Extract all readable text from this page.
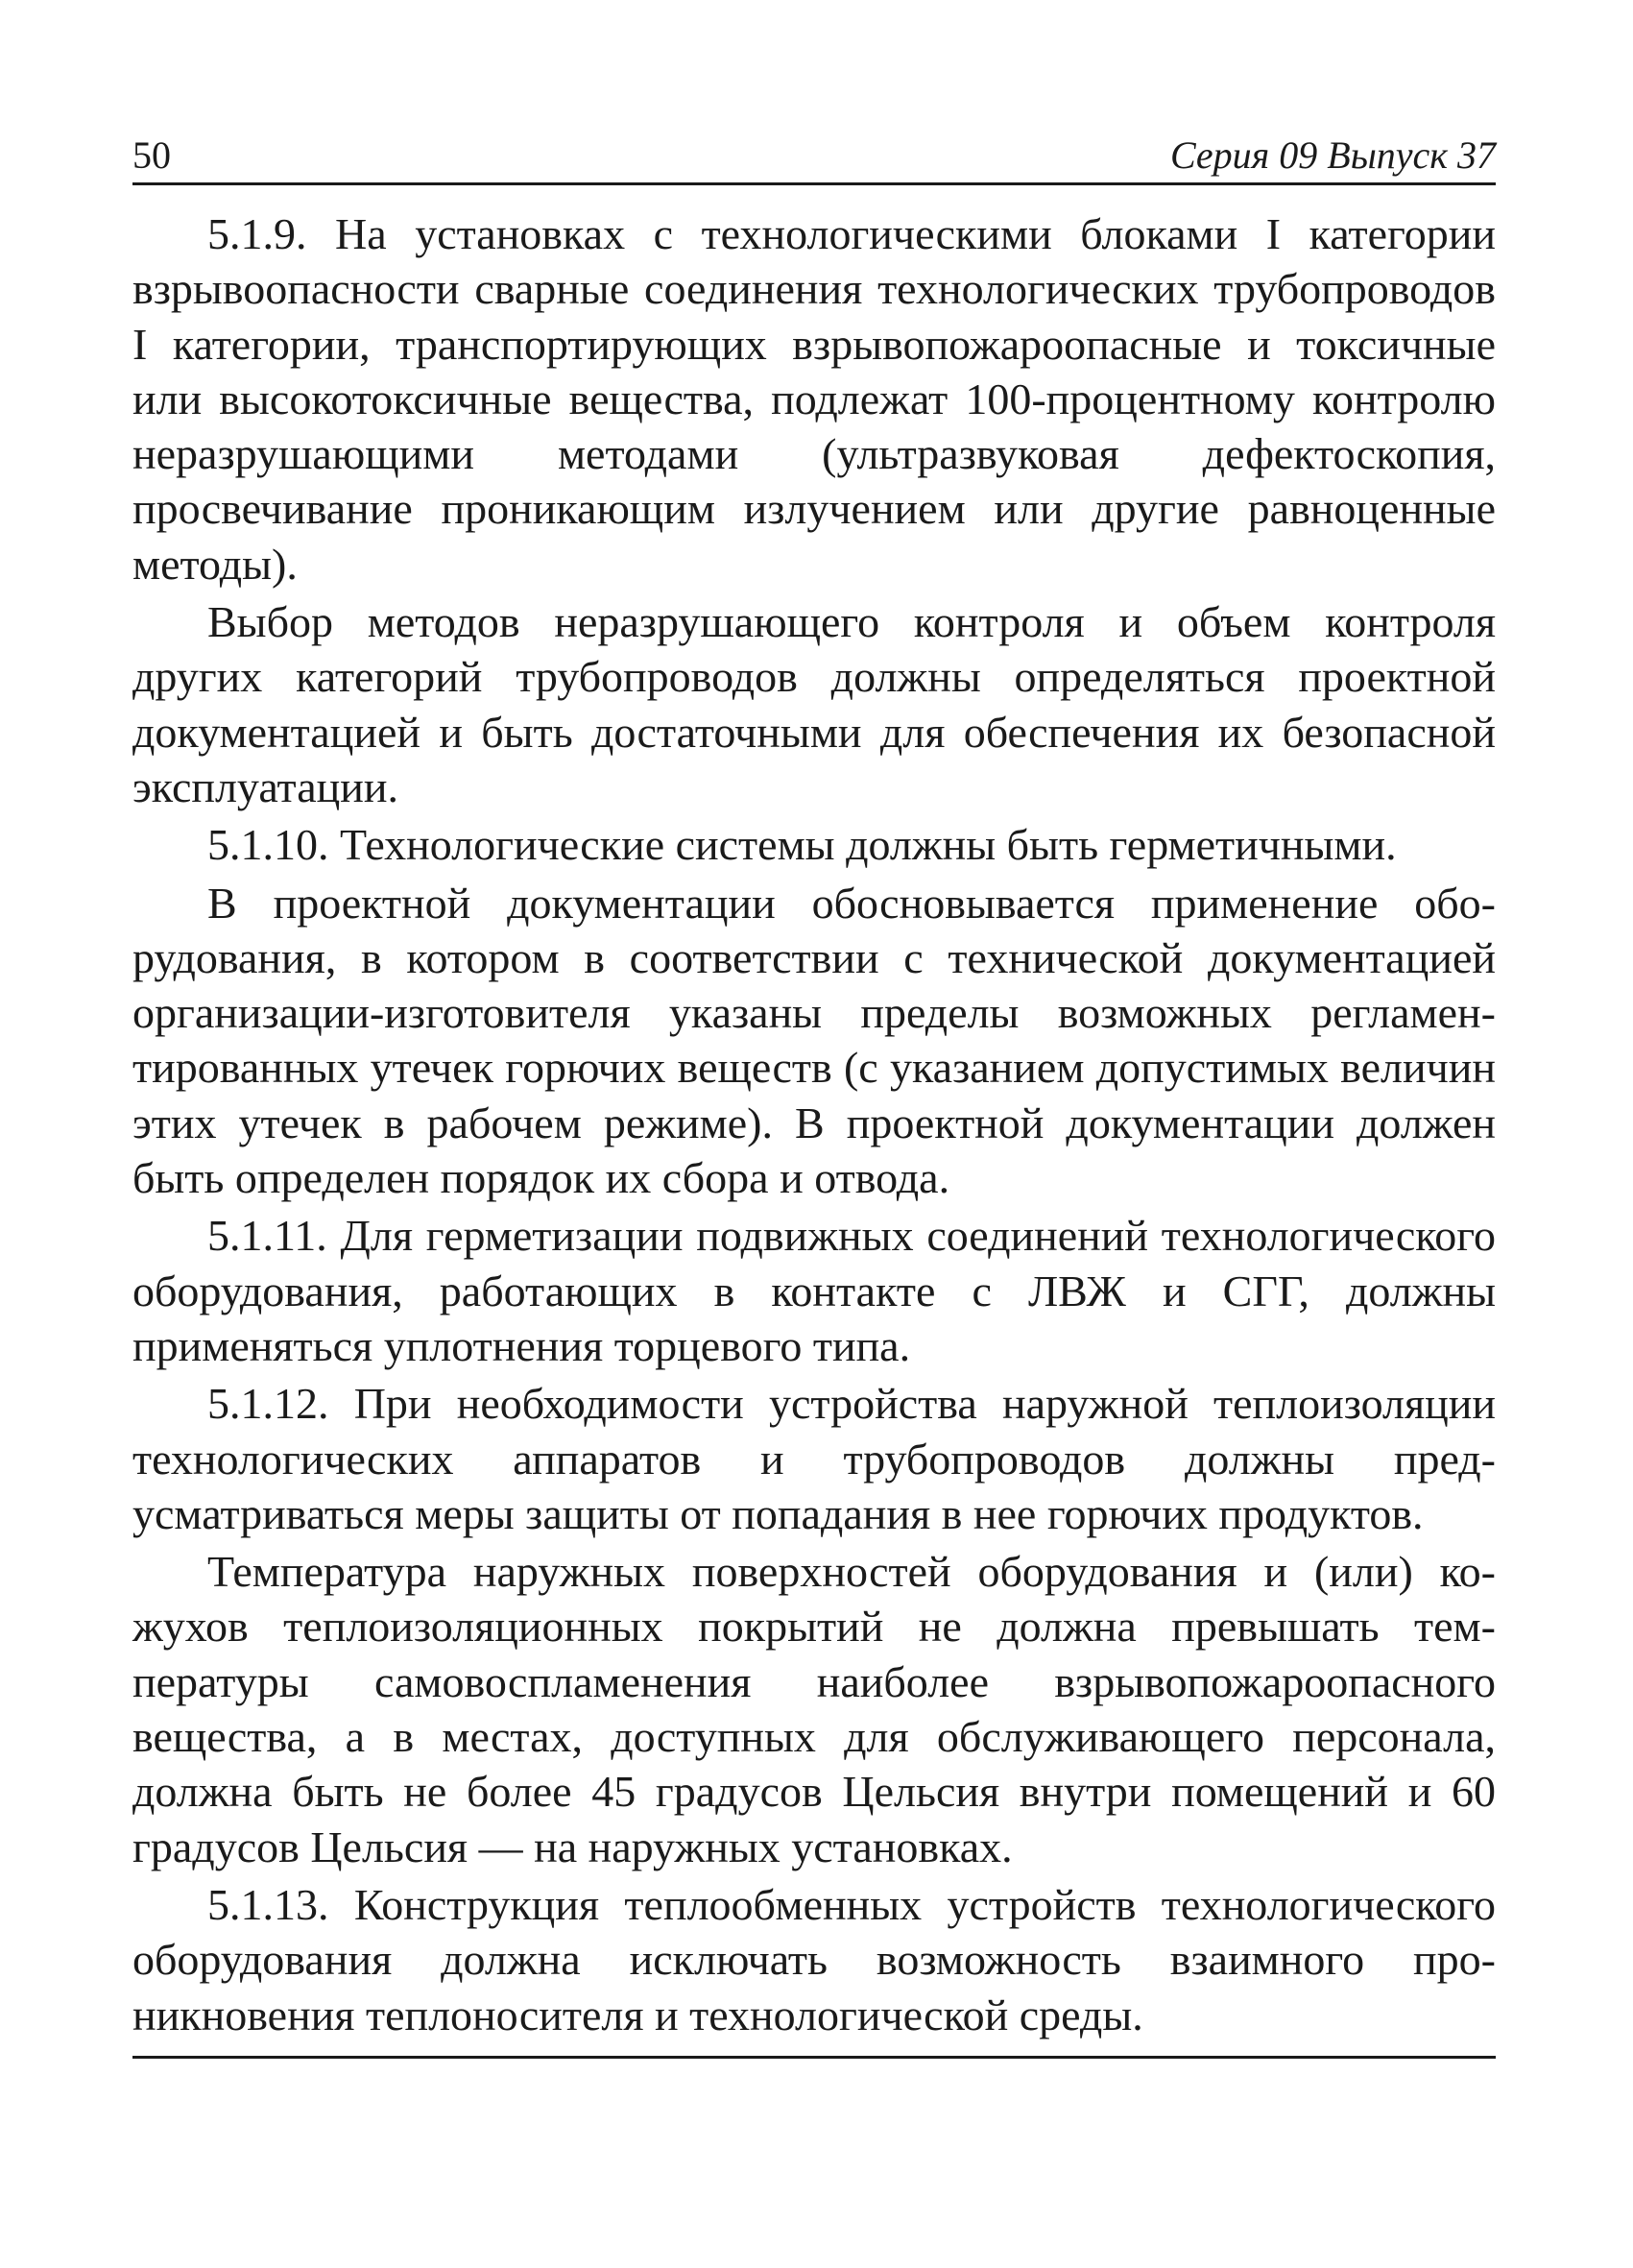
50	Серия 09 Выпуск 37

5.1.9. На установках с технологическими блоками I категории взрывоопасности сварные соединения технологических трубопроводов I категории, транспортирующих взрывопожароопасные и токсичные или высокотоксичные вещества, подлежат 100-процентному контролю неразрушающими методами (ультразвуковая дефектоскопия, просвечивание проникающим излучением или другие равноценные методы).

Выбор методов неразрушающего контроля и объем контроля других категорий трубопроводов должны определяться проектной документацией и быть достаточными для обеспечения их безопасной эксплуатации.

5.1.10. Технологические системы должны быть герметичными.

В проектной документации обосновывается применение оборудования, в котором в соответствии с технической документацией организации-изготовителя указаны пределы возможных регламентированных утечек горючих веществ (с указанием допустимых величин этих утечек в рабочем режиме). В проектной документации должен быть определен порядок их сбора и отвода.

5.1.11. Для герметизации подвижных соединений технологического оборудования, работающих в контакте с ЛВЖ и СГГ, должны применяться уплотнения торцевого типа.

5.1.12. При необходимости устройства наружной теплоизоляции технологических аппаратов и трубопроводов должны предусматриваться меры защиты от попадания в нее горючих продуктов.

Температура наружных поверхностей оборудования и (или) кожухов теплоизоляционных покрытий не должна превышать температуры самовоспламенения наиболее взрывопожароопасного вещества, а в местах, доступных для обслуживающего персонала, должна быть не более 45 градусов Цельсия внутри помещений и 60 градусов Цельсия — на наружных установках.

5.1.13. Конструкция теплообменных устройств технологического оборудования должна исключать возможность взаимного проникновения теплоносителя и технологической среды.
